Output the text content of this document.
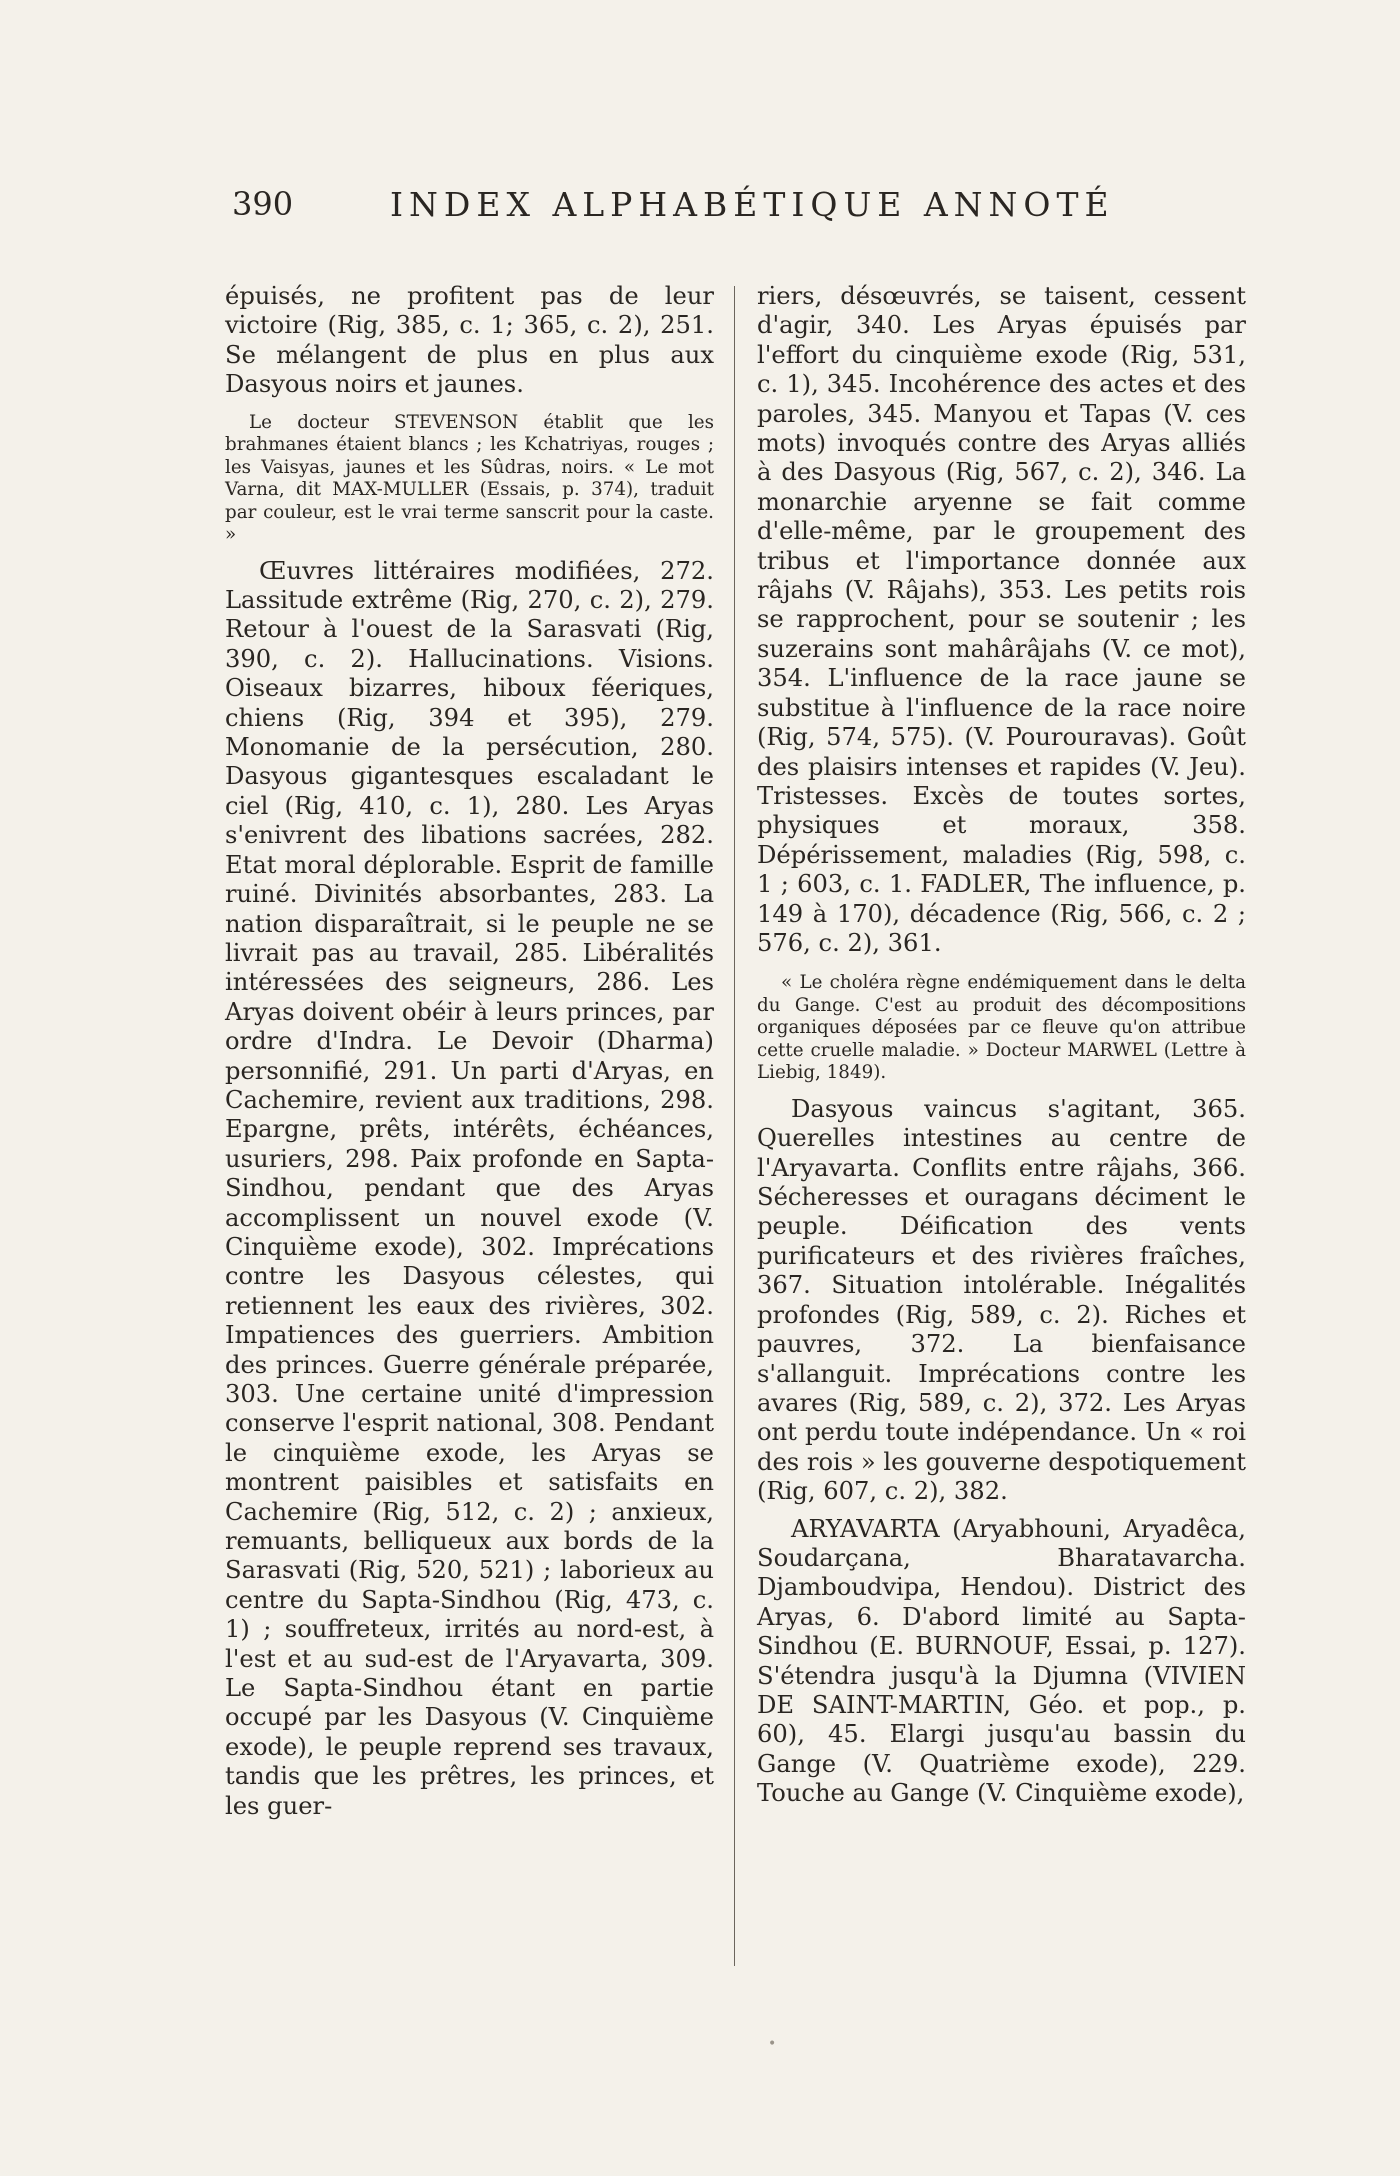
390	INDEX ALPHABÉTIQUE ANNOTÉ

épuisés, ne profitent pas de leur victoire (Rig, 385, c. 1; 365, c. 2), 251. Se mélangent de plus en plus aux Dasyous noirs et jaunes.

Le docteur STEVENSON établit que les brahmanes étaient blancs ; les Kchatriyas, rouges ; les Vaisyas, jaunes et les Sûdras, noirs. « Le mot Varna, dit MAX-MULLER (Essais, p. 374), traduit par couleur, est le vrai terme sanscrit pour la caste. »

Œuvres littéraires modifiées, 272. Lassitude extrême (Rig, 270, c. 2), 279. Retour à l'ouest de la Sarasvati (Rig, 390, c. 2). Hallucinations. Visions. Oiseaux bizarres, hiboux féeriques, chiens (Rig, 394 et 395), 279. Monomanie de la persécution, 280. Dasyous gigantesques escaladant le ciel (Rig, 410, c. 1), 280. Les Aryas s'enivrent des libations sacrées, 282. Etat moral déplorable. Esprit de famille ruiné. Divinités absorbantes, 283. La nation disparaîtrait, si le peuple ne se livrait pas au travail, 285. Libéralités intéressées des seigneurs, 286. Les Aryas doivent obéir à leurs princes, par ordre d'Indra. Le Devoir (Dharma) personnifié, 291. Un parti d'Aryas, en Cachemire, revient aux traditions, 298. Epargne, prêts, intérêts, échéances, usuriers, 298. Paix profonde en Sapta-Sindhou, pendant que des Aryas accomplissent un nouvel exode (V. Cinquième exode), 302. Imprécations contre les Dasyous célestes, qui retiennent les eaux des rivières, 302. Impatiences des guerriers. Ambition des princes. Guerre générale préparée, 303. Une certaine unité d'impression conserve l'esprit national, 308. Pendant le cinquième exode, les Aryas se montrent paisibles et satisfaits en Cachemire (Rig, 512, c. 2) ; anxieux, remuants, belliqueux aux bords de la Sarasvati (Rig, 520, 521) ; laborieux au centre du Sapta-Sindhou (Rig, 473, c. 1) ; souffreteux, irrités au nord-est, à l'est et au sud-est de l'Aryavarta, 309. Le Sapta-Sindhou étant en partie occupé par les Dasyous (V. Cinquième exode), le peuple reprend ses travaux, tandis que les prêtres, les princes, et les guer-

riers, désœuvrés, se taisent, cessent d'agir, 340. Les Aryas épuisés par l'effort du cinquième exode (Rig, 531, c. 1), 345. Incohérence des actes et des paroles, 345. Manyou et Tapas (V. ces mots) invoqués contre des Aryas alliés à des Dasyous (Rig, 567, c. 2), 346. La monarchie aryenne se fait comme d'elle-même, par le groupement des tribus et l'importance donnée aux râjahs (V. Râjahs), 353. Les petits rois se rapprochent, pour se soutenir ; les suzerains sont mahârâjahs (V. ce mot), 354. L'influence de la race jaune se substitue à l'influence de la race noire (Rig, 574, 575). (V. Pourouravas). Goût des plaisirs intenses et rapides (V. Jeu). Tristesses. Excès de toutes sortes, physiques et moraux, 358. Dépérissement, maladies (Rig, 598, c. 1 ; 603, c. 1. FADLER, The influence, p. 149 à 170), décadence (Rig, 566, c. 2 ; 576, c. 2), 361.

« Le choléra règne endémiquement dans le delta du Gange. C'est au produit des décompositions organiques déposées par ce fleuve qu'on attribue cette cruelle maladie. » Docteur MARWEL (Lettre à Liebig, 1849).

Dasyous vaincus s'agitant, 365. Querelles intestines au centre de l'Aryavarta. Conflits entre râjahs, 366. Sécheresses et ouragans déciment le peuple. Déification des vents purificateurs et des rivières fraîches, 367. Situation intolérable. Inégalités profondes (Rig, 589, c. 2). Riches et pauvres, 372. La bienfaisance s'allanguit. Imprécations contre les avares (Rig, 589, c. 2), 372. Les Aryas ont perdu toute indépendance. Un « roi des rois » les gouverne despotiquement (Rig, 607, c. 2), 382.

ARYAVARTA (Aryabhouni, Aryadêca, Soudarçana, Bharatavarcha. Djamboudvipa, Hendou). District des Aryas, 6. D'abord limité au Sapta-Sindhou (E. BURNOUF, Essai, p. 127). S'étendra jusqu'à la Djumna (VIVIEN DE SAINT-MARTIN, Géo. et pop., p. 60), 45. Elargi jusqu'au bassin du Gange (V. Quatrième exode), 229. Touche au Gange (V. Cinquième exode),

•
